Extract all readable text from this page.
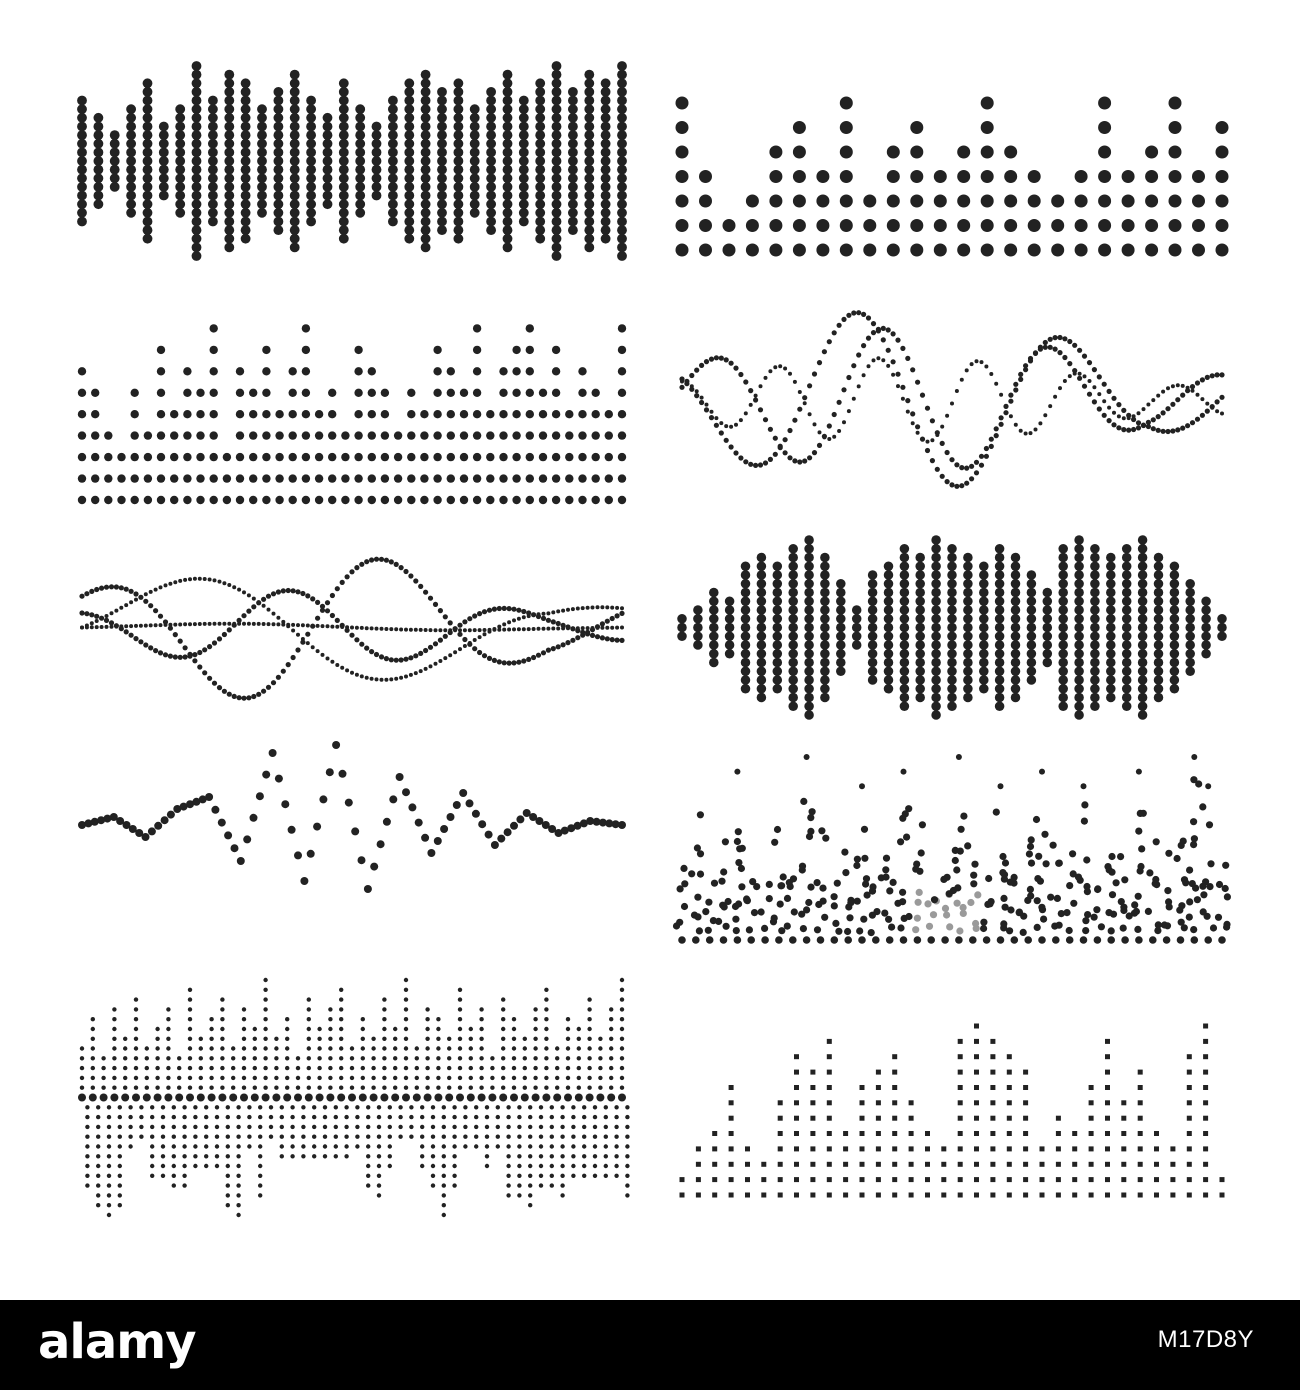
alamy	M17D8Y
